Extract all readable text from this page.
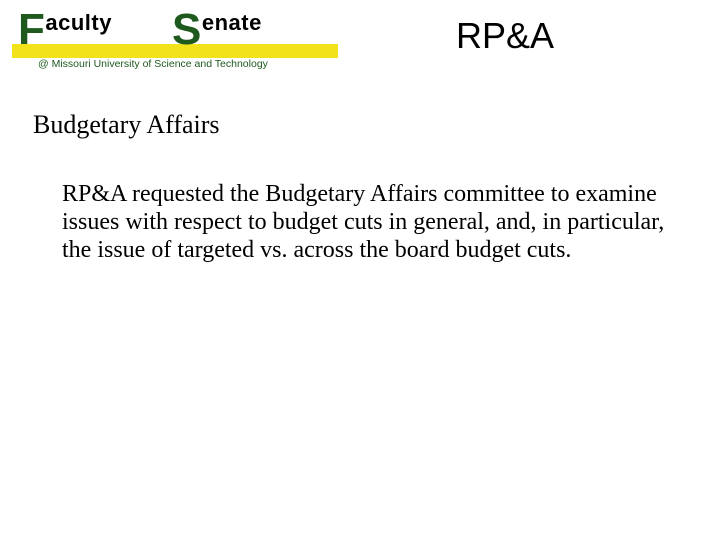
Faculty Senate
@ Missouri University of Science and Technology
RP&A
Budgetary Affairs
RP&A requested the Budgetary Affairs committee to examine issues with respect to budget cuts in general, and, in particular, the issue of targeted vs. across the board budget cuts.
